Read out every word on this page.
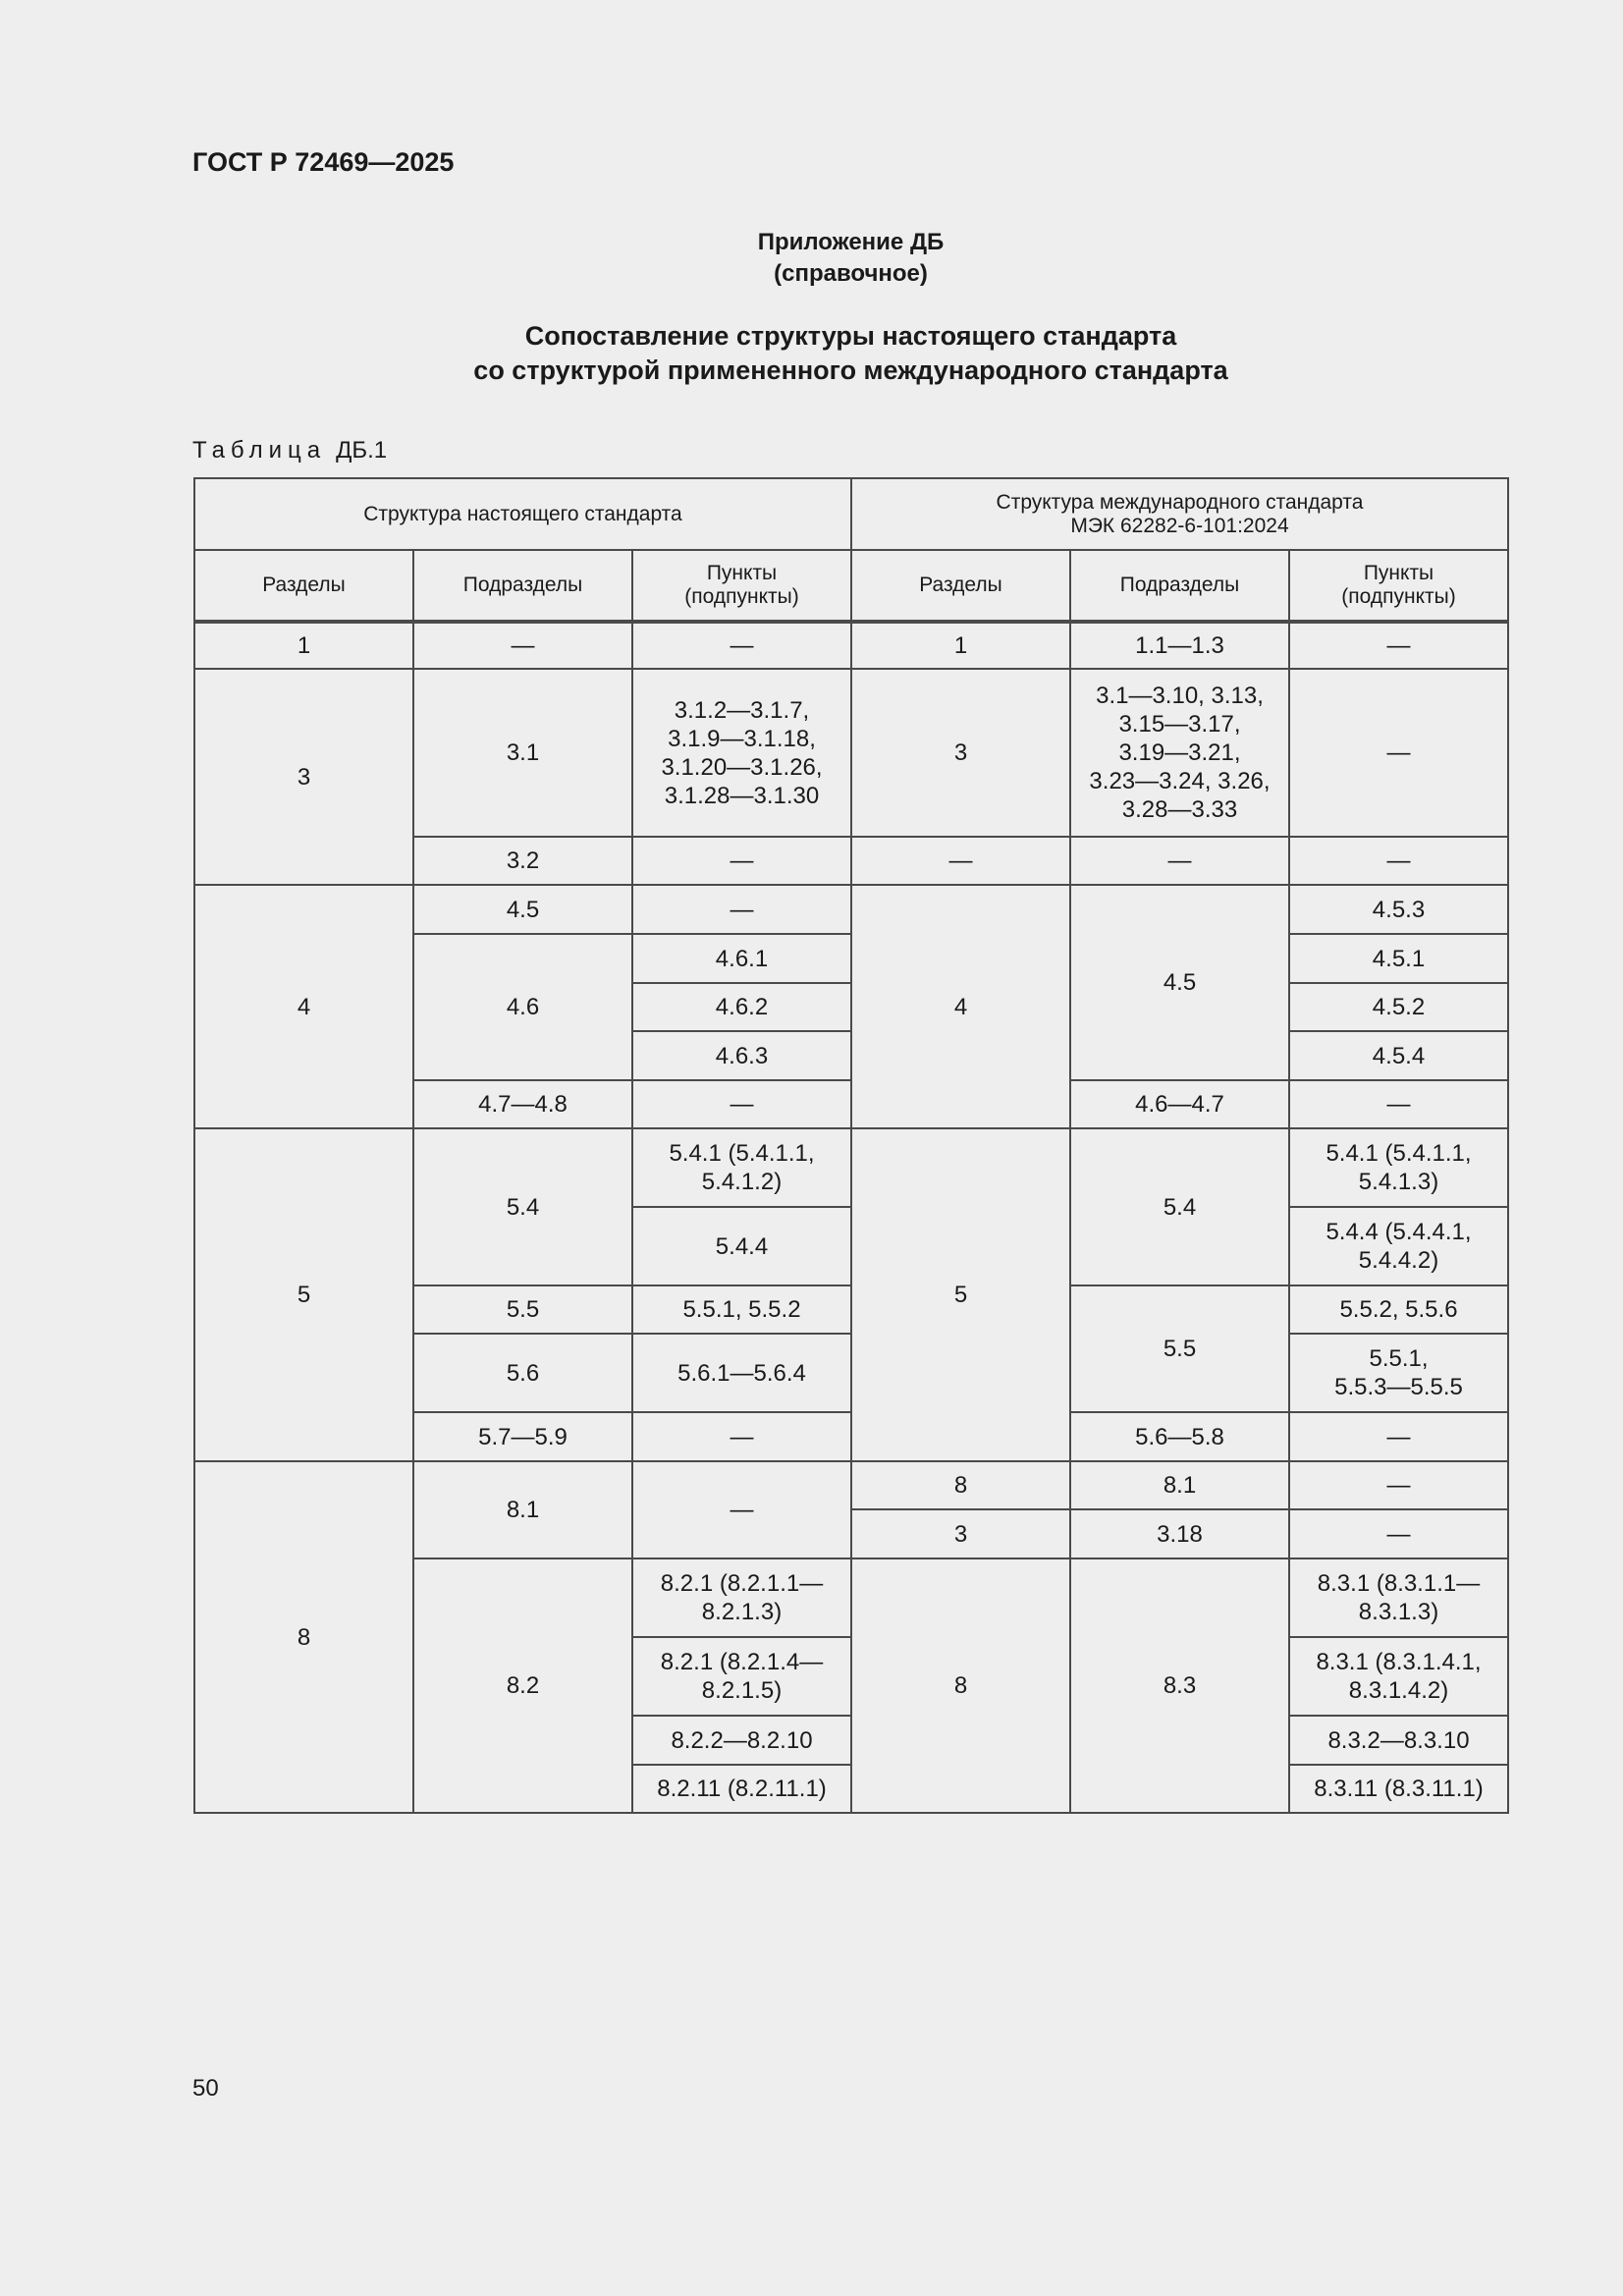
ГОСТ Р 72469—2025
Приложение ДБ
(справочное)
Сопоставление структуры настоящего стандарта
со структурой примененного международного стандарта
Таблица ДБ.1
Структура настоящего стандарта			Структура международного стандарта
МЭК 62282-6-101:2024		
Разделы	Подразделы	Пункты
(подпункты)	Разделы	Подразделы	Пункты
(подпункты)
1	—	—	1	1.1—1.3	—
3	3.1	3.1.2—3.1.7,
3.1.9—3.1.18,
3.1.20—3.1.26,
3.1.28—3.1.30	3	3.1—3.10, 3.13,
3.15—3.17,
3.19—3.21,
3.23—3.24, 3.26,
3.28—3.33	—
	3.2	—	—	—	—
4	4.5	—	4	4.5	4.5.3
	4.6	4.6.1			4.5.1
		4.6.2			4.5.2
		4.6.3			4.5.4
	4.7—4.8	—		4.6—4.7	—
5	5.4	5.4.1 (5.4.1.1,
5.4.1.2)	5	5.4	5.4.1 (5.4.1.1,
5.4.1.3)
		5.4.4			5.4.4 (5.4.4.1,
5.4.4.2)
	5.5	5.5.1, 5.5.2		5.5	5.5.2, 5.5.6
	5.6	5.6.1—5.6.4			5.5.1,
5.5.3—5.5.5
	5.7—5.9	—		5.6—5.8	—
8	8.1	—	8	8.1	—
			3	3.18	—
	8.2	8.2.1 (8.2.1.1—
8.2.1.3)	8	8.3	8.3.1 (8.3.1.1—
8.3.1.3)
		8.2.1 (8.2.1.4—
8.2.1.5)			8.3.1 (8.3.1.4.1,
8.3.1.4.2)
		8.2.2—8.2.10			8.3.2—8.3.10
		8.2.11 (8.2.11.1)			8.3.11 (8.3.11.1)
50
